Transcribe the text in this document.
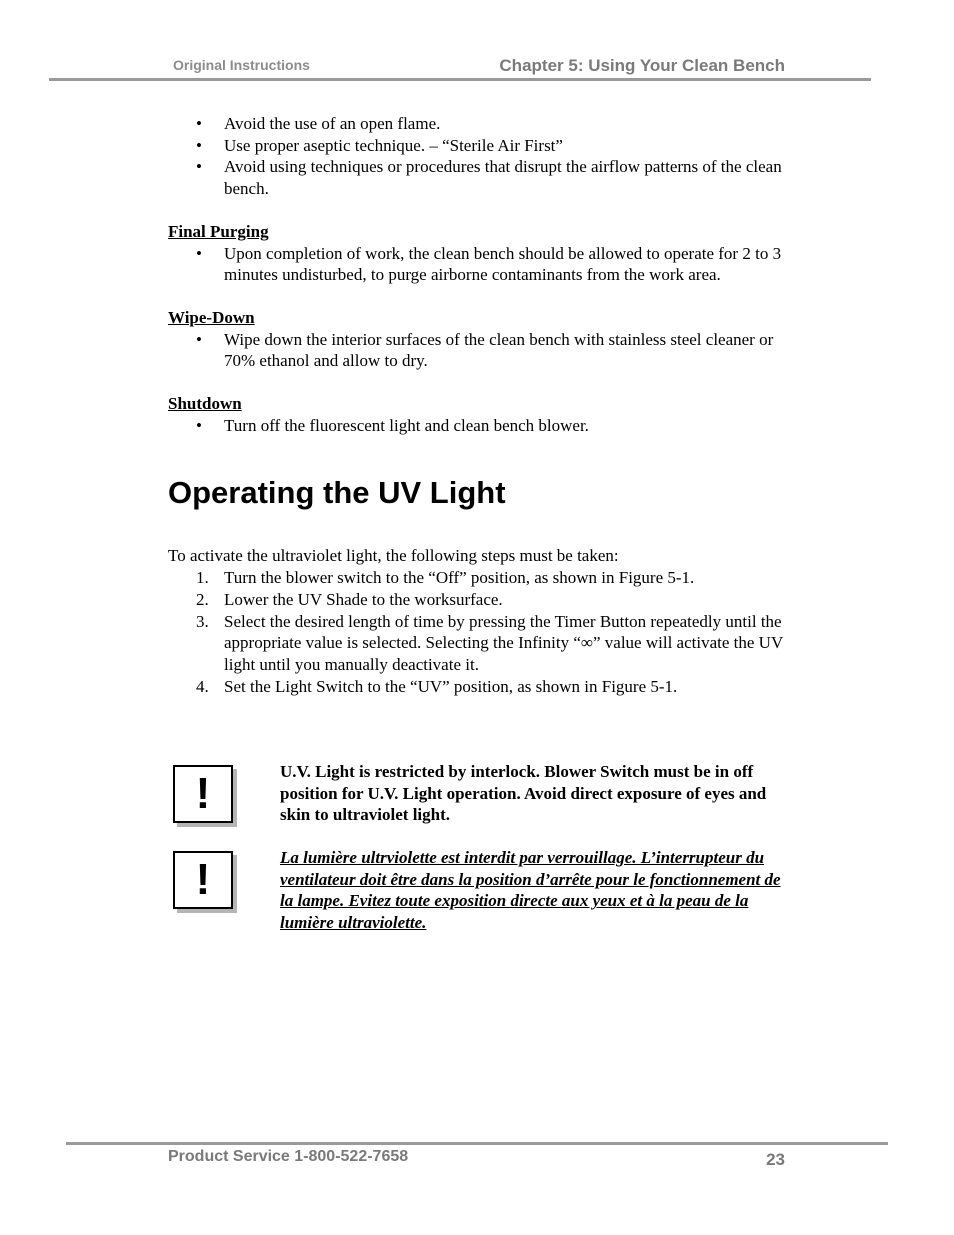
Original Instructions	Chapter 5: Using Your Clean Bench
• Avoid the use of an open flame.
• Use proper aseptic technique. – “Sterile Air First”
• Avoid using techniques or procedures that disrupt the airflow patterns of the clean bench.
Final Purging
• Upon completion of work, the clean bench should be allowed to operate for 2 to 3 minutes undisturbed, to purge airborne contaminants from the work area.
Wipe-Down
• Wipe down the interior surfaces of the clean bench with stainless steel cleaner or 70% ethanol and allow to dry.
Shutdown
• Turn off the fluorescent light and clean bench blower.
Operating the UV Light
To activate the ultraviolet light, the following steps must be taken:
1. Turn the blower switch to the “Off” position, as shown in Figure 5-1.
2. Lower the UV Shade to the worksurface.
3. Select the desired length of time by pressing the Timer Button repeatedly until the appropriate value is selected. Selecting the Infinity “∞” value will activate the UV light until you manually deactivate it.
4. Set the Light Switch to the “UV” position, as shown in Figure 5-1.
!	U.V. Light is restricted by interlock. Blower Switch must be in off position for U.V. Light operation. Avoid direct exposure of eyes and skin to ultraviolet light.
!	La lumière ultrviolette est interdit par verrouillage. L’interrupteur du ventilateur doit être dans la position d’arrête pour le fonctionnement de la lampe. Evitez toute exposition directe aux yeux et à la peau de la lumière ultraviolette.
Product Service 1-800-522-7658	23
